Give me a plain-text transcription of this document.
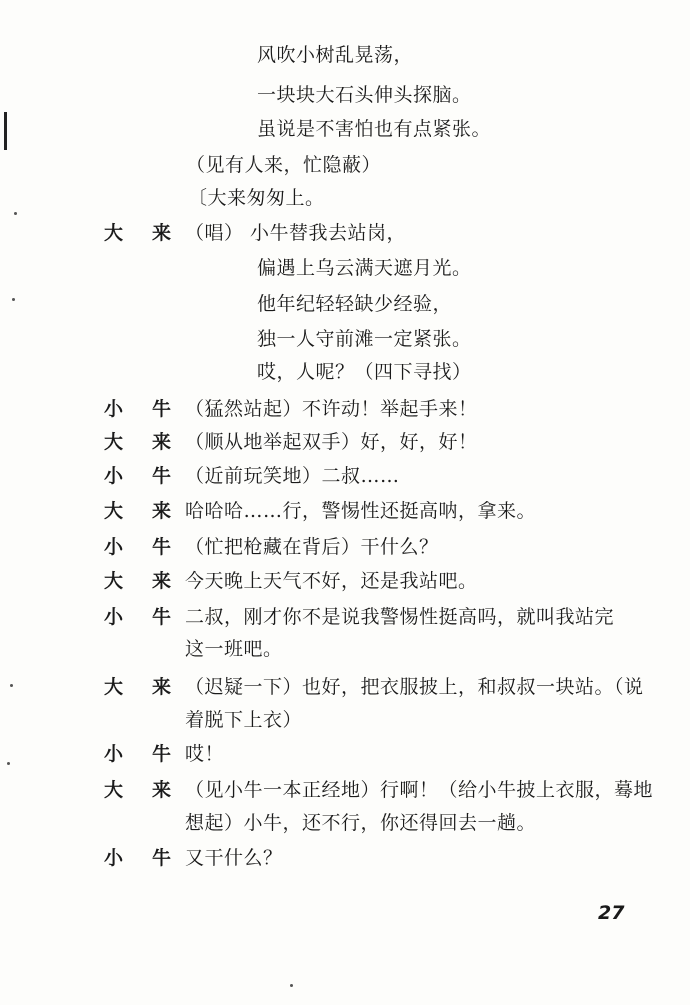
风吹小树乱晃荡，
一块块大石头伸头探脑。
虽说是不害怕也有点紧张。
（见有人来，忙隐蔽）
〔大来匆匆上。
大 来 （唱） 小牛替我去站岗，
偏遇上乌云满天遮月光。
他年纪轻轻缺少经验，
独一人守前滩一定紧张。
哎，人呢？（四下寻找）
小 牛 （猛然站起）不许动！举起手来！
大 来 （顺从地举起双手）好，好，好！
小 牛 （近前玩笑地）二叔……
大 来 哈哈哈……行，警惕性还挺高呐，拿来。
小 牛 （忙把枪藏在背后）干什么？
大 来 今天晚上天气不好，还是我站吧。
小 牛 二叔，刚才你不是说我警惕性挺高吗，就叫我站完
这一班吧。
大 来 （迟疑一下）也好，把衣服披上，和叔叔一块站。（说
着脱下上衣）
小 牛 哎！
大 来 （见小牛一本正经地）行啊！（给小牛披上衣服，蓦地
想起）小牛，还不行，你还得回去一趟。
小 牛 又干什么？
27
